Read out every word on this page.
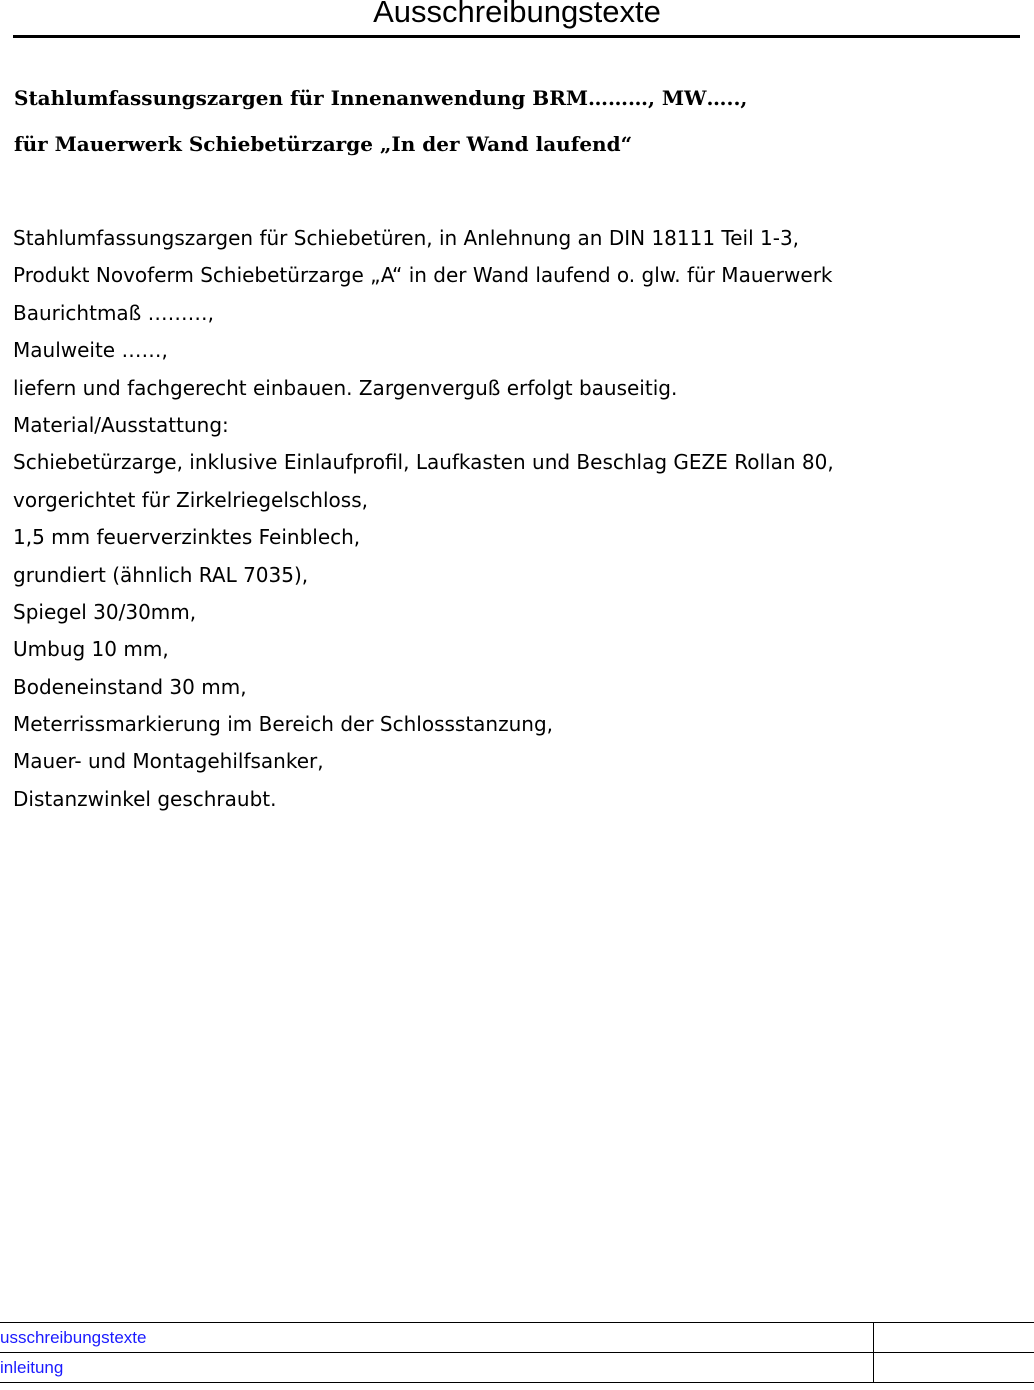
Ausschreibungstexte
Stahlumfassungszargen für Innenanwendung BRM………, MW…..,
für Mauerwerk Schiebetürzarge „In der Wand laufend“
Stahlumfassungszargen für Schiebetüren, in Anlehnung an DIN 18111 Teil 1-3,
Produkt Novoferm Schiebetürzarge „A“ in der Wand laufend o. glw. für Mauerwerk
Baurichtmaß ………,
Maulweite ……,
liefern und fachgerecht einbauen. Zargenverguß erfolgt bauseitig.
Material/Ausstattung:
Schiebetürzarge, inklusive Einlaufprofil, Laufkasten und Beschlag GEZE Rollan 80,
vorgerichtet für Zirkelriegelschloss,
1,5 mm feuerverzinktes Feinblech,
grundiert (ähnlich RAL 7035),
Spiegel 30/30mm,
Umbug 10 mm,
Bodeneinstand 30 mm,
Meterrissmarkierung im Bereich der Schlossstanzung,
Mauer- und Montagehilfsanker,
Distanzwinkel geschraubt.
usschreibungstexte	
inleitung	
